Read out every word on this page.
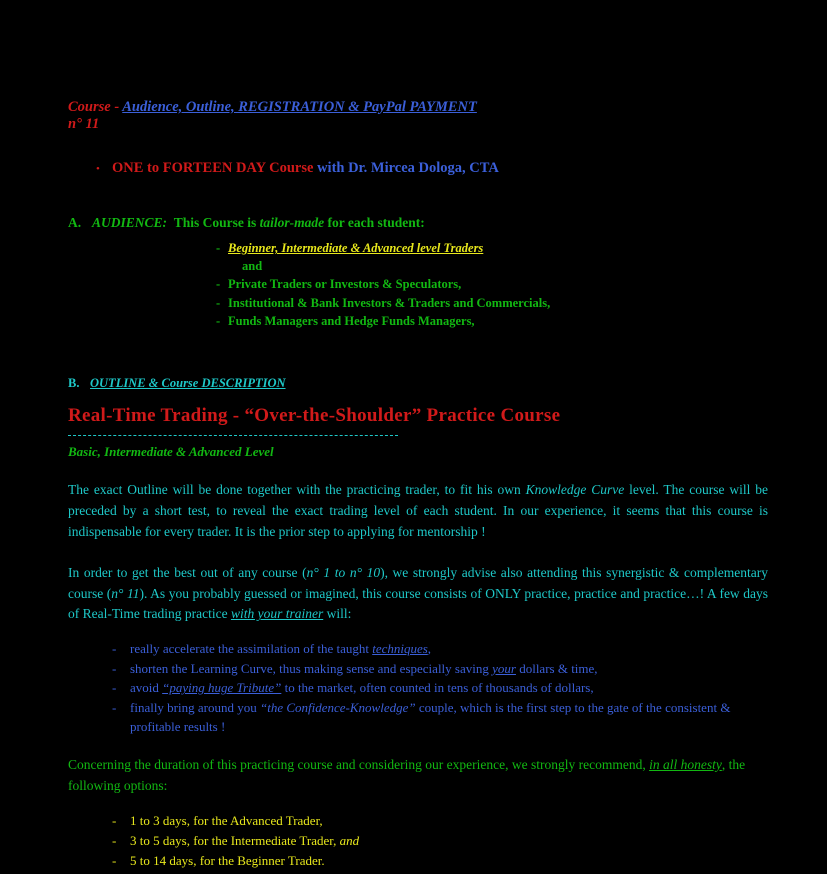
Course - Audience, Outline, REGISTRATION & PayPal PAYMENT
n° 11
• ONE to FORTEEN DAY Course with Dr. Mircea Dologa, CTA
A. AUDIENCE: This Course is tailor-made for each student:
- Beginner, Intermediate & Advanced level Traders
and
- Private Traders or Investors & Speculators,
- Institutional & Bank Investors & Traders and Commercials,
- Funds Managers and Hedge Funds Managers,
B. OUTLINE & Course DESCRIPTION
Real-Time Trading - “Over-the-Shoulder” Practice Course
Basic, Intermediate & Advanced Level
The exact Outline will be done together with the practicing trader, to fit his own Knowledge Curve level. The course will be preceded by a short test, to reveal the exact trading level of each student. In our experience, it seems that this course is indispensable for every trader. It is the prior step to applying for mentorship !
In order to get the best out of any course (n° 1 to n° 10), we strongly advise also attending this synergistic & complementary course (n° 11). As you probably guessed or imagined, this course consists of ONLY practice, practice and practice…! A few days of Real-Time trading practice with your trainer will:
-	really accelerate the assimilation of the taught techniques,
-	shorten the Learning Curve, thus making sense and especially saving your dollars & time,
-	avoid “paying huge Tribute” to the market, often counted in tens of thousands of dollars,
-	finally bring around you “the Confidence-Knowledge” couple, which is the first step to the gate of the consistent & profitable results !
Concerning the duration of this practicing course and considering our experience, we strongly recommend, in all honesty, the following options:
-	1 to 3 days, for the Advanced Trader,
-	3 to 5 days, for the Intermediate Trader, and
-	5 to 14 days, for the Beginner Trader.
